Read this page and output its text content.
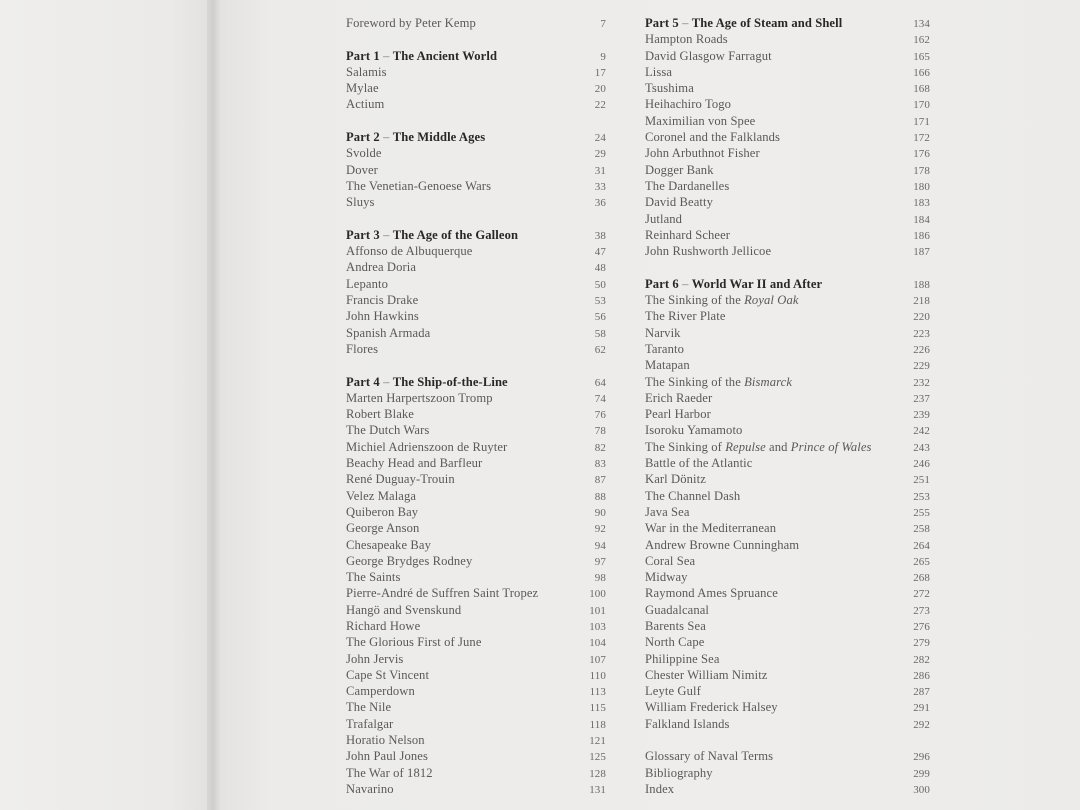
Foreword by Peter Kemp	7
Part 1 – The Ancient World	9
Salamis	17
Mylae	20
Actium	22
Part 2 – The Middle Ages	24
Svolde	29
Dover	31
The Venetian-Genoese Wars	33
Sluys	36
Part 3 – The Age of the Galleon	38
Affonso de Albuquerque	47
Andrea Doria	48
Lepanto	50
Francis Drake	53
John Hawkins	56
Spanish Armada	58
Flores	62
Part 4 – The Ship-of-the-Line	64
Marten Harpertszoon Tromp	74
Robert Blake	76
The Dutch Wars	78
Michiel Adrienszoon de Ruyter	82
Beachy Head and Barfleur	83
René Duguay-Trouin	87
Velez Malaga	88
Quiberon Bay	90
George Anson	92
Chesapeake Bay	94
George Brydges Rodney	97
The Saints	98
Pierre-André de Suffren Saint Tropez	100
Hangö and Svenskund	101
Richard Howe	103
The Glorious First of June	104
John Jervis	107
Cape St Vincent	110
Camperdown	113
The Nile	115
Trafalgar	118
Horatio Nelson	121
John Paul Jones	125
The War of 1812	128
Navarino	131
Part 5 – The Age of Steam and Shell	134
Hampton Roads	162
David Glasgow Farragut	165
Lissa	166
Tsushima	168
Heihachiro Togo	170
Maximilian von Spee	171
Coronel and the Falklands	172
John Arbuthnot Fisher	176
Dogger Bank	178
The Dardanelles	180
David Beatty	183
Jutland	184
Reinhard Scheer	186
John Rushworth Jellicoe	187
Part 6 – World War II and After	188
The Sinking of the Royal Oak	218
The River Plate	220
Narvik	223
Taranto	226
Matapan	229
The Sinking of the Bismarck	232
Erich Raeder	237
Pearl Harbor	239
Isoroku Yamamoto	242
The Sinking of Repulse and Prince of Wales	243
Battle of the Atlantic	246
Karl Dönitz	251
The Channel Dash	253
Java Sea	255
War in the Mediterranean	258
Andrew Browne Cunningham	264
Coral Sea	265
Midway	268
Raymond Ames Spruance	272
Guadalcanal	273
Barents Sea	276
North Cape	279
Philippine Sea	282
Chester William Nimitz	286
Leyte Gulf	287
William Frederick Halsey	291
Falkland Islands	292
Glossary of Naval Terms	296
Bibliography	299
Index	300
